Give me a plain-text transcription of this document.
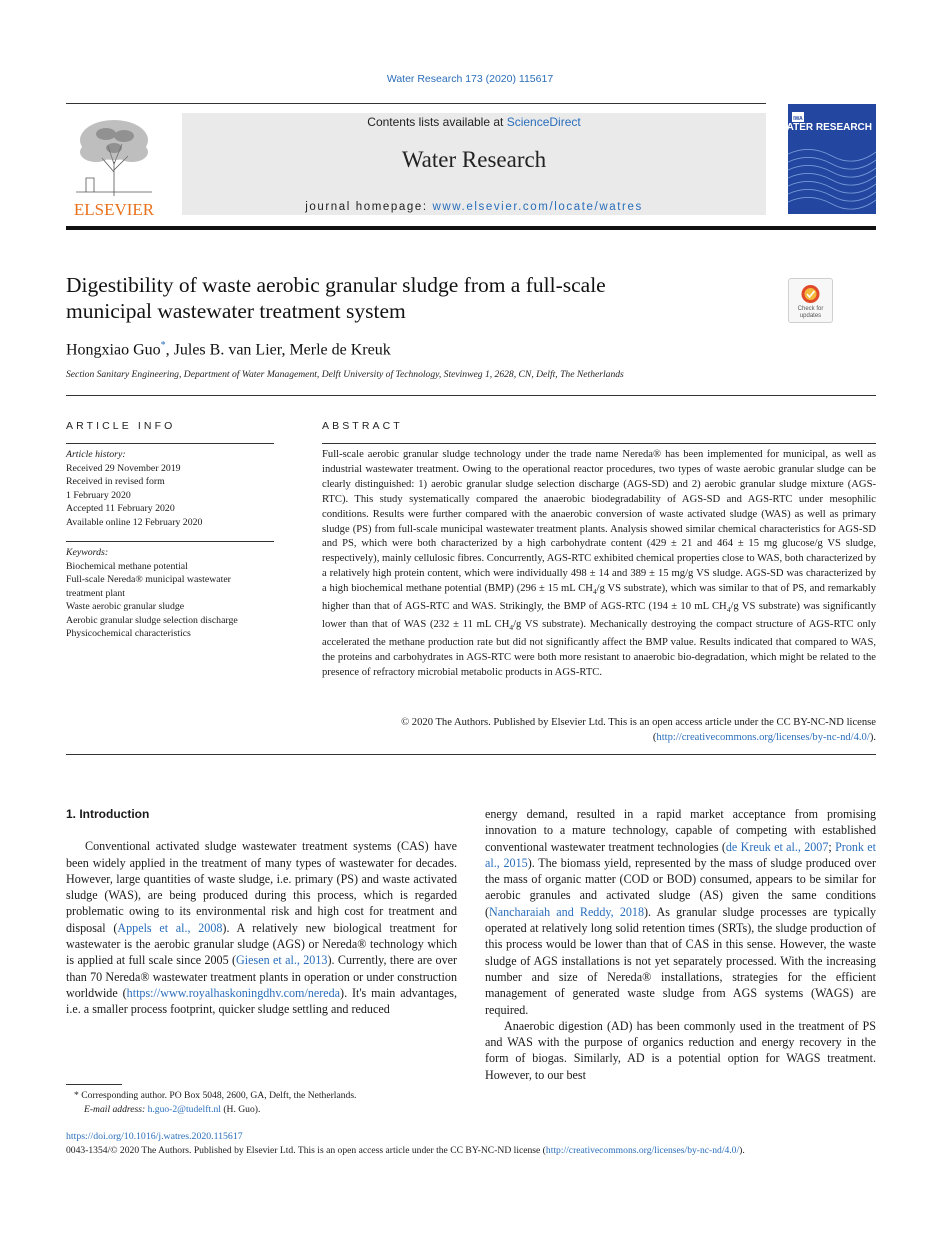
Water Research 173 (2020) 115617
ELSEVIER
Contents lists available at ScienceDirect
Water Research
journal homepage: www.elsevier.com/locate/watres
IWA
WATER RESEARCH
Digestibility of waste aerobic granular sludge from a full-scale
municipal wastewater treatment system	Check for updates
Hongxiao Guo*, Jules B. van Lier, Merle de Kreuk
Section Sanitary Engineering, Department of Water Management, Delft University of Technology, Stevinweg 1, 2628, CN, Delft, The Netherlands
ARTICLE INFO
Article history:
Received 29 November 2019
Received in revised form
1 February 2020
Accepted 11 February 2020
Available online 12 February 2020
Keywords:
Biochemical methane potential
Full-scale Nereda® municipal wastewater
treatment plant
Waste aerobic granular sludge
Aerobic granular sludge selection discharge
Physicochemical characteristics
ABSTRACT
Full-scale aerobic granular sludge technology under the trade name Nereda® has been implemented for municipal, as well as industrial wastewater treatment. Owing to the operational reactor procedures, two types of waste aerobic granular sludge can be clearly distinguished: 1) aerobic granular sludge selection discharge (AGS-SD) and 2) aerobic granular sludge mixture (AGS-RTC). This study systematically compared the anaerobic biodegradability of AGS-SD and AGS-RTC under mesophilic conditions. Results were further compared with the anaerobic conversion of waste activated sludge (WAS) as well as primary sludge (PS) from full-scale municipal wastewater treatment plants. Analysis showed similar chemical characteristics for AGS-SD and PS, which were both characterized by a high carbohydrate content (429 ± 21 and 464 ± 15 mg glucose/g VS sludge, respectively), mainly cellulosic fibres. Concurrently, AGS-RTC exhibited chemical properties close to WAS, both characterized by a relatively high protein content, which were individually 498 ± 14 and 389 ± 15 mg/g VS sludge. AGS-SD was characterized by a high biochemical methane potential (BMP) (296 ± 15 mL $CH_4/g$ VS substrate), which was similar to that of PS, and remarkably higher than that of AGS-RTC and WAS. Strikingly, the BMP of AGS-RTC (194 ± 10 mL $CH_4/g$ VS substrate) was significantly lower than that of WAS (232 ± 11 mL $CH_4/g$ VS substrate). Mechanically destroying the compact structure of AGS-RTC only accelerated the methane production rate but did not significantly affect the BMP value. Results indicated that compared to WAS, the proteins and carbohydrates in AGS-RTC were both more resistant to anaerobic bio-degradation, which might be related to the presence of refractory microbial metabolic products in AGS-RTC.
© 2020 The Authors. Published by Elsevier Ltd. This is an open access article under the CC BY-NC-ND license (http://creativecommons.org/licenses/by-nc-nd/4.0/).
1. Introduction

Conventional activated sludge wastewater treatment systems (CAS) have been widely applied in the treatment of many types of wastewater for decades. However, large quantities of waste sludge, i.e. primary (PS) and waste activated sludge (WAS), are being produced during this process, which is regarded problematic owing to its environmental risk and high cost for treatment and disposal (Appels et al., 2008). A relatively new biological treatment for wastewater is the aerobic granular sludge (AGS) or Nereda® technology which is applied at full scale since 2005 (Giesen et al., 2013). Currently, there are over than 70 Nereda® wastewater treatment plants in operation or under construction worldwide (https://www.royalhaskoningdhv.com/nereda). It's main advantages, i.e. a smaller process footprint, quicker sludge settling and reduced

energy demand, resulted in a rapid market acceptance from promising innovation to a mature technology, capable of competing with established conventional wastewater treatment technologies (de Kreuk et al., 2007; Pronk et al., 2015). The biomass yield, represented by the mass of sludge produced over the mass of organic matter (COD or BOD) consumed, appears to be similar for aerobic granules and activated sludge (AS) given the same conditions (Nancharaiah and Reddy, 2018). As granular sludge processes are typically operated at relatively long solid retention times (SRTs), the sludge production of this process would be lower than that of CAS in this sense. However, the waste sludge of AGS installations is not yet separately processed. With the increasing number and size of Nereda® installations, strategies for the efficient management of generated waste sludge from AGS systems (WAGS) are required.

Anaerobic digestion (AD) has been commonly used in the treatment of PS and WAS with the purpose of organics reduction and energy recovery in the form of biogas. Similarly, AD is a potential option for WAGS treatment. However, to our best

* Corresponding author. PO Box 5048, 2600, GA, Delft, the Netherlands.
E-mail address: h.guo-2@tudelft.nl (H. Guo).
https://doi.org/10.1016/j.watres.2020.115617
0043-1354/© 2020 The Authors. Published by Elsevier Ltd. This is an open access article under the CC BY-NC-ND license (http://creativecommons.org/licenses/by-nc-nd/4.0/).
